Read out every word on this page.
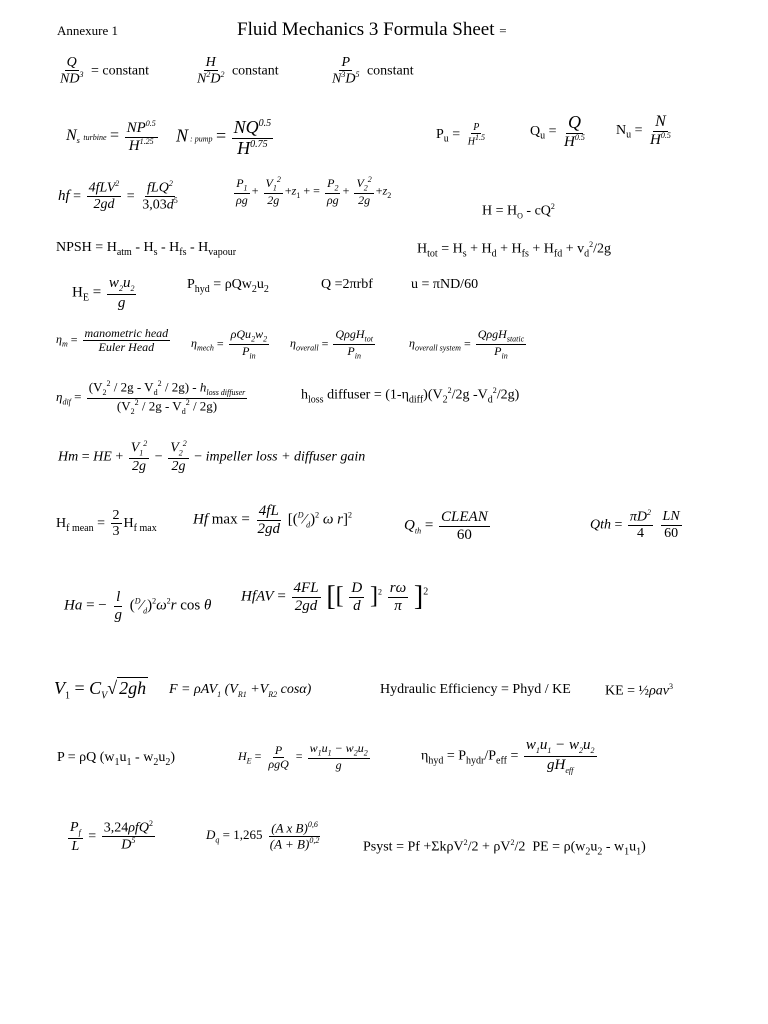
Annexure 1	Fluid Mechanics 3 Formula Sheet =
$\frac{Q}{ND^3}$ = constant	$\frac{H}{N^2D^2}$ constant	$\frac{P}{N^3D^5}$ constant
$N_s$ turbine = $\frac{NP^{0.5}}{H^{1.25}}$ N : pump = $\frac{NQ^{0.5}}{H^{0.75}}$	$P_u = \frac{P}{H^{1.5}}$	$Q_u = \frac{Q}{H^{0.5}} N_u = \frac{N}{H^{0.5}}$
hf = $\frac{4fLV^2}{2gd} = \frac{fLQ^2}{3,03d^5}$	$\frac{P_1}{\rho g} + \frac{V_1^2}{2g} +z_1$ + = $\frac{P_2}{\rho g} + \frac{V_2^2}{2g} +z_2$
$H = H_O - cQ^2$
NPSH = $H_{atm} - H_s - H_{fs} - H_{vapour}$	$H_{tot} = H_s + H_d + H_{fs} + H_{fd} + v_d^2/2g$
$H_E = \frac{w_2u_2}{g}$	$P_{hyd} = \rho Qw_2u_2$	Q =2πrbf	u = πND/60
$\eta_m = \frac{\text{manometric head}}{\text{Euler Head}} \eta_{mech} = \frac{\rho Qu_2w_2}{P_{in}} \eta_{overall} = \frac{Q\rho gH_{tot}}{P_{in}}$	$\eta_{overall system} = \frac{Q\rho gH_{static}}{P_{in}}$
$\eta_{dif} = \frac{(V_2^2 / 2g - V_d^2 / 2g) - h_{loss diffuser}}{(V_2^2 / 2g - V_d^2 / 2g)}$	$h_{loss}$ diffuser = $(1-\eta_{diff})(V_2^2/2g$ $-V_d^2/2g$)
Hm = HE + $\frac{V_1^2}{2g} - \frac{V_2^2}{2g}$ − impeller loss + diffuser gain
$H_{f mean} = \frac{2}{3} H_{f max}$
Hf $\max = \frac{4fL}{2gd}$ [$(^D⁄_d)^2$ ω r]$^2$
$Q_{th} = \frac{\text{CLEAN}}{60}$	Qth = $\frac{\pi D^2}{4}$
$\frac{LN}{60}$
Ha = − $\frac{l}{g}$ $(^D⁄_d)^2\omega^2r$ cos θ
HfAV = $\frac{4FL}{2gd}$ [[ $\frac{D}{d} ]^2 \frac{r\omega}{\pi} ]^2$
$V_1 = C_V√$ 2gh F = ρAV$_1$ ($V_{R1} +V_{R2}$ cosα)	Hydraulic Efficiency = Phyd / KE KE = ½ρav$^3$
P = ρQ $(w_1u_1 - w_2u_2)$	$H_E = \frac{P}{\text{ρgQ}} = \frac{w_1u_1 - w_2u_2}{g}$	$\eta_{hyd} = P_{hydr}/P_{eff} = \frac{w_1u_1 - w_2u_2}{gH_{eff}}$
$\frac{P_f}{L} = \frac{3,24\rho fQ^2}{D^5}$	$D_q = 1,265 \frac{(A x B)^{0,6}}{(A + B)^{0,2}}$	Psyst = $Pf +\Sigma k\rho V^2/2 + \rho V^2/2$  PE = $\rho(w_2u_2 - w_1u_1)$
